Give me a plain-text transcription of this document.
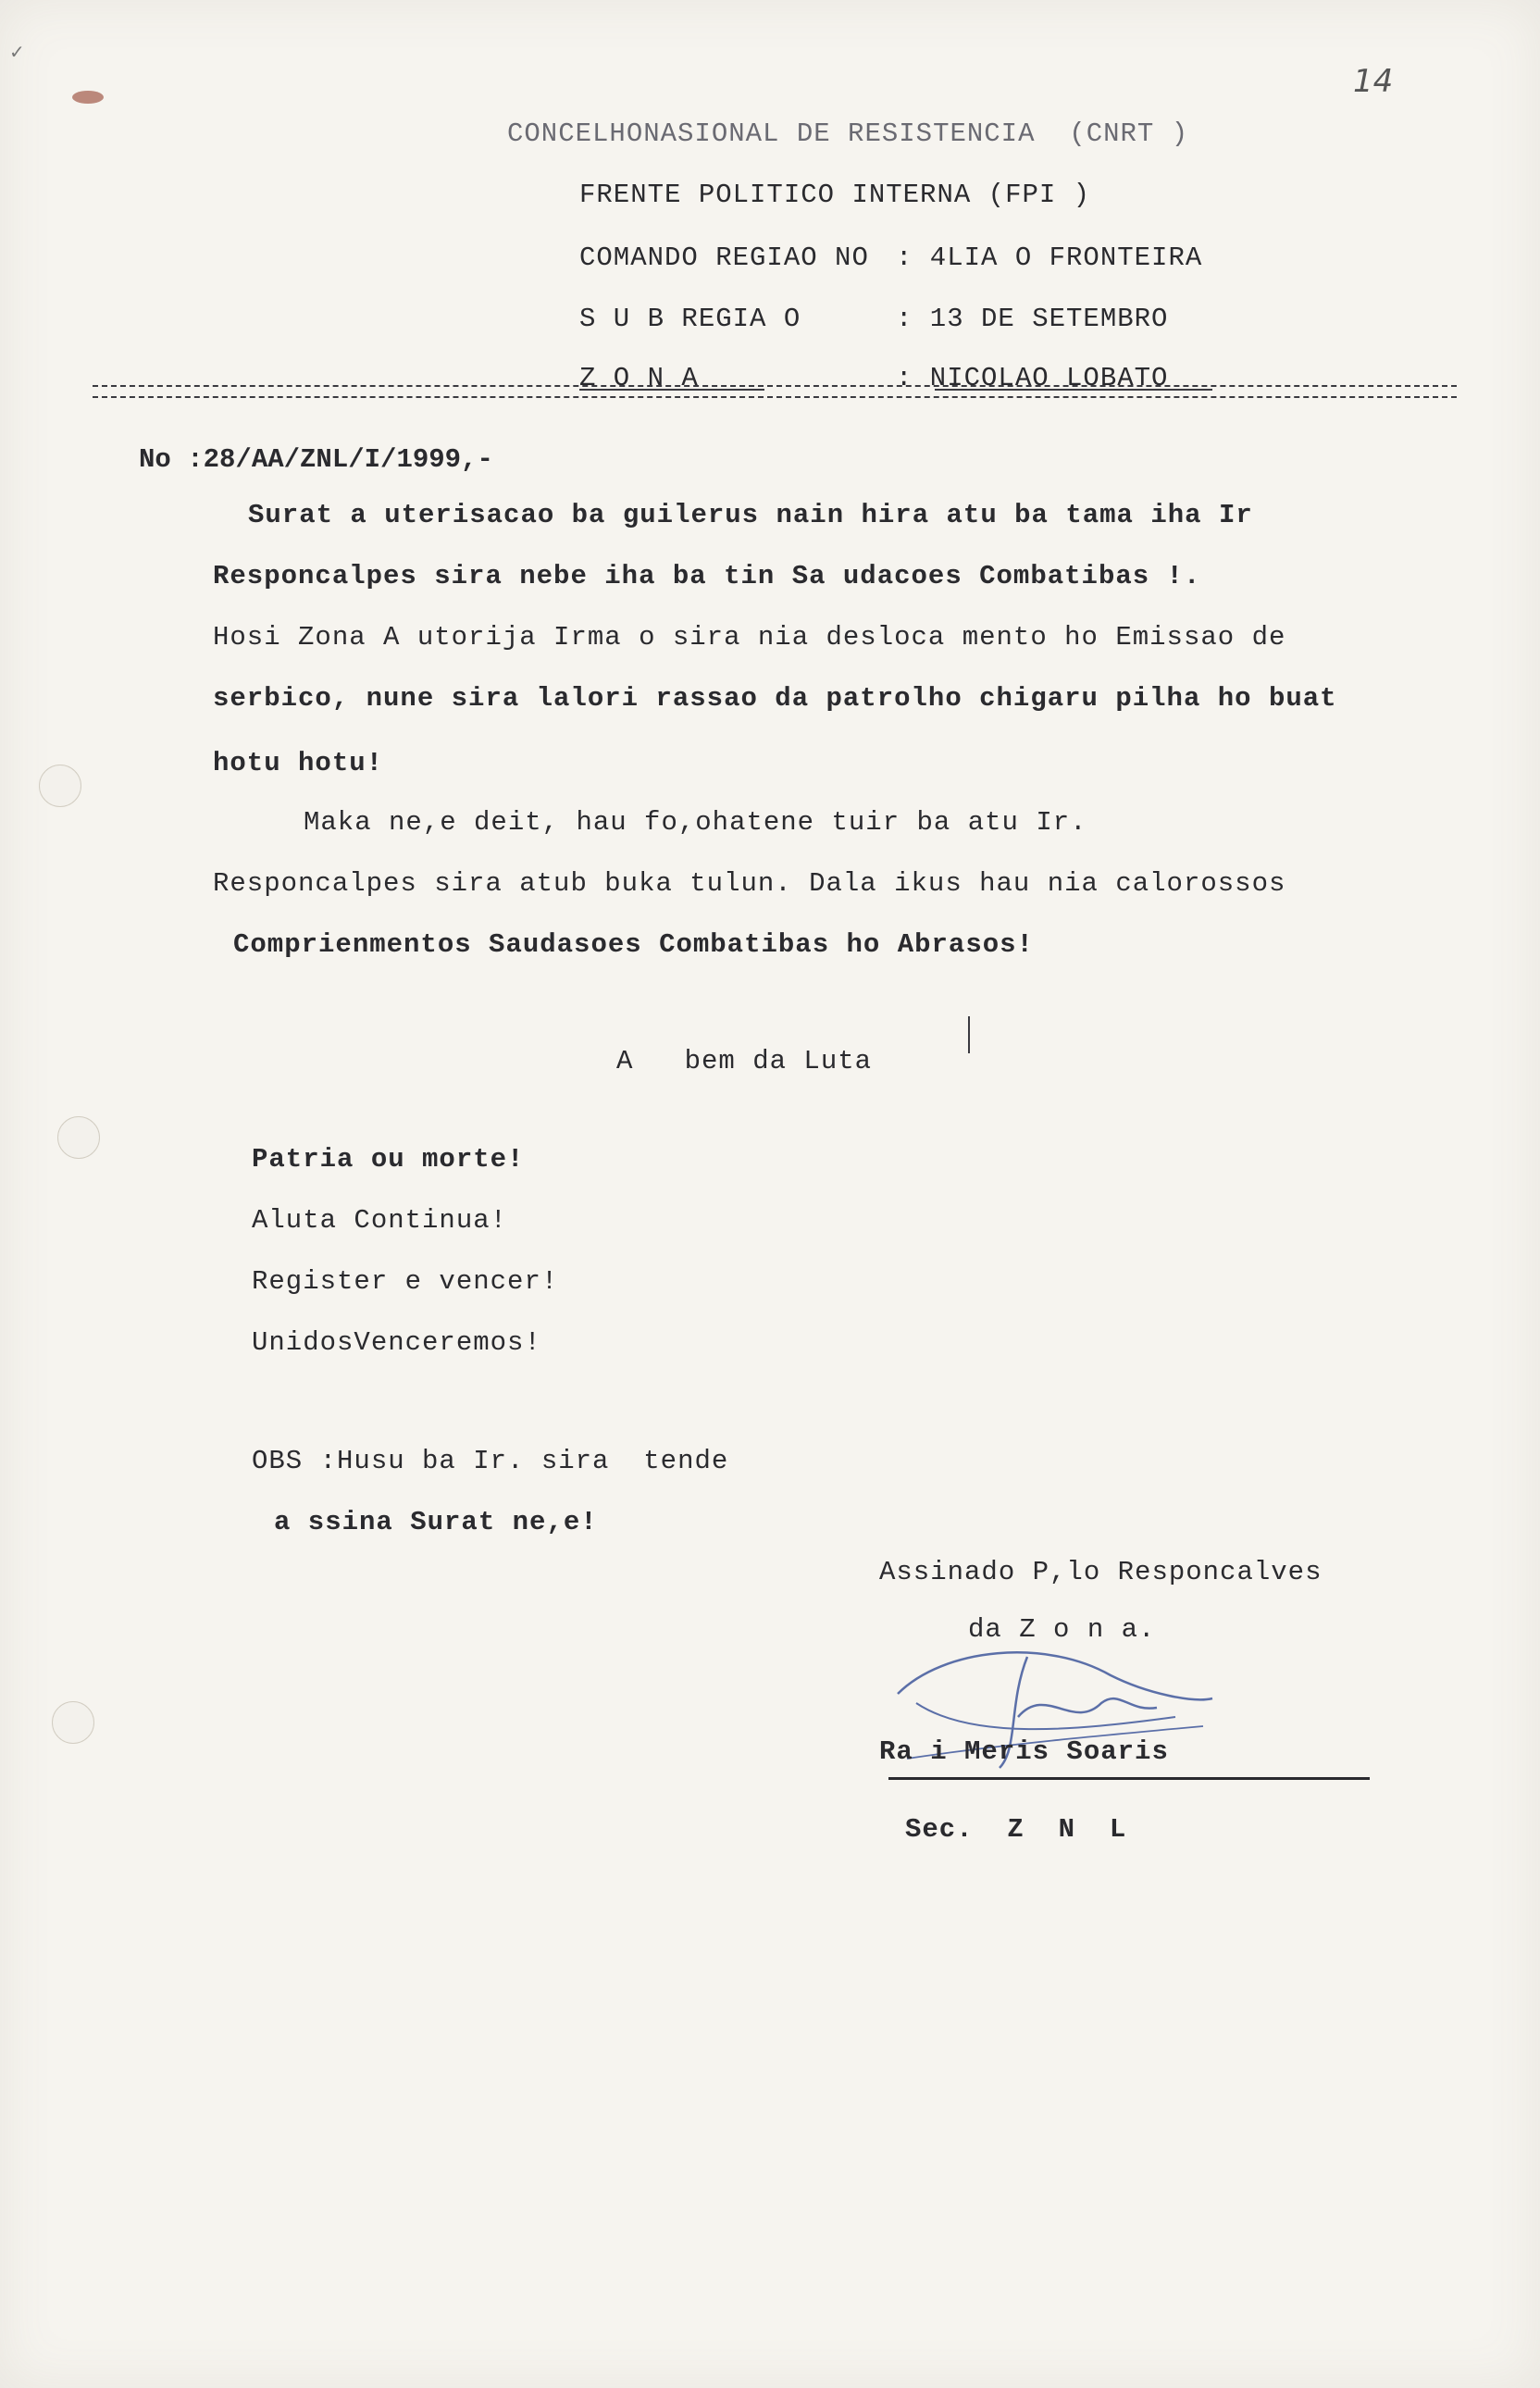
✓
14
CONCELHONASIONAL DE RESISTENCIA  (CNRT )
FRENTE POLITICO INTERNA (FPI )
COMANDO REGIAO NO : 4LIA O FRONTEIRA
S U B REGIA O	: 13 DE SETEMBRO
Z O N A	: NICOLAO LOBATO
No :28/AA/ZNL/I/1999,-
Surat a uterisacao ba guilerus nain hira atu ba tama iha Ir
Responcalpes sira nebe iha ba tin Sa udacoes Combatibas !.
Hosi Zona A utorija Irma o sira nia desloca mento ho Emissao de
serbico, nune sira lalori rassao da patrolho chigaru pilha ho buat
hotu hotu!
Maka ne,e deit, hau fo,ohatene tuir ba atu Ir.
Responcalpes sira atub buka tulun. Dala ikus hau nia calorossos
Comprienmentos Saudasoes Combatibas ho Abrasos!
A   bem da Luta
Patria ou morte!
Aluta Continua!
Register e vencer!
UnidosVenceremos!
OBS :Husu ba Ir. sira  tende
a ssina Surat ne,e!
Assinado P,lo Responcalves
da Z o n a.
Ra i Meris Soaris
Sec.  Z  N  L
